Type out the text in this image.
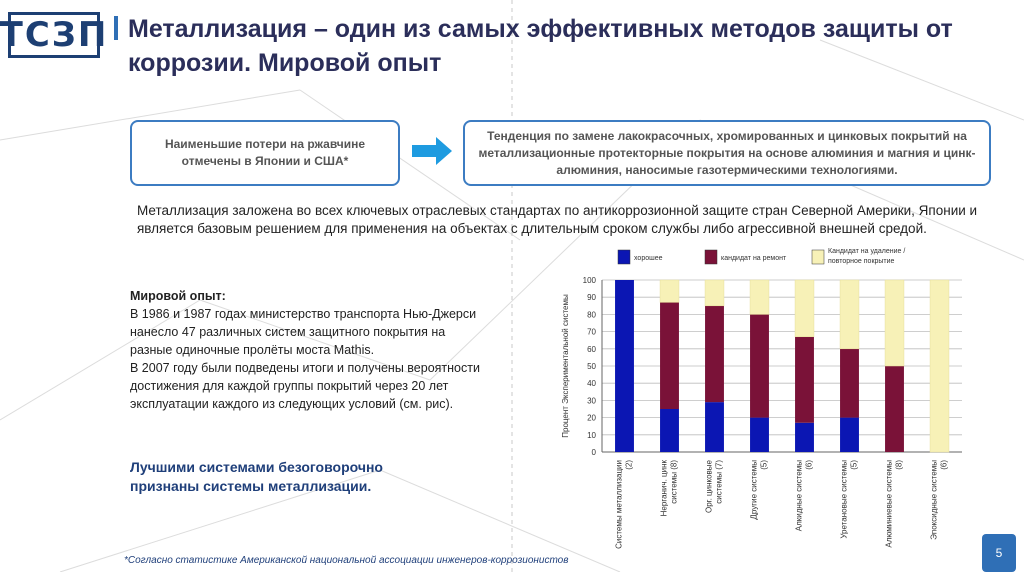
ТСЗП Металлизация – один из самых эффективных методов защиты от коррозии. Мировой опыт
Наименьшие потери на ржавчине отмечены в Японии и США*
Тенденция по замене лакокрасочных, хромированных и цинковых покрытий на металлизационные протекторные покрытия на основе алюминия и магния и цинк-алюминия, наносимые газотермическими технологиями.
Металлизация заложена во всех ключевых отраслевых стандартах по антикоррозионной защите стран Северной Америки, Японии и является базовым решением для применения на объектах с длительным сроком службы либо агрессивной внешней средой.
Мировой опыт:
В 1986 и 1987 годах министерство транспорта Нью-Джерси нанесло 47 различных систем защитного покрытия на разные одиночные пролёты моста Mathis.
В 2007 году были подведены итоги и получены вероятности достижения для каждой группы покрытий через 20 лет эксплуатации каждого из следующих условий (см. рис).
Лучшими системами безоговорочно признаны системы металлизации.
хорошее	кандидат на ремонт
Кандидат на удаление /
повторное покрытие
0
10
20
30
40
50
60
70
80
90
100
Процент Экспериментальной системы
Системы металлизации(2)	Нерганич. цинксистемы (8)	Орг. цинковыесистемы (7)	Другие системы(5)	Алкидные системы(6)	Уретановые системы(5)	Алюминиевые системы(8)	Эпоксидные системы(6)
*Согласно статистике Американской национальной ассоциации инженеров-коррозионистов
5
